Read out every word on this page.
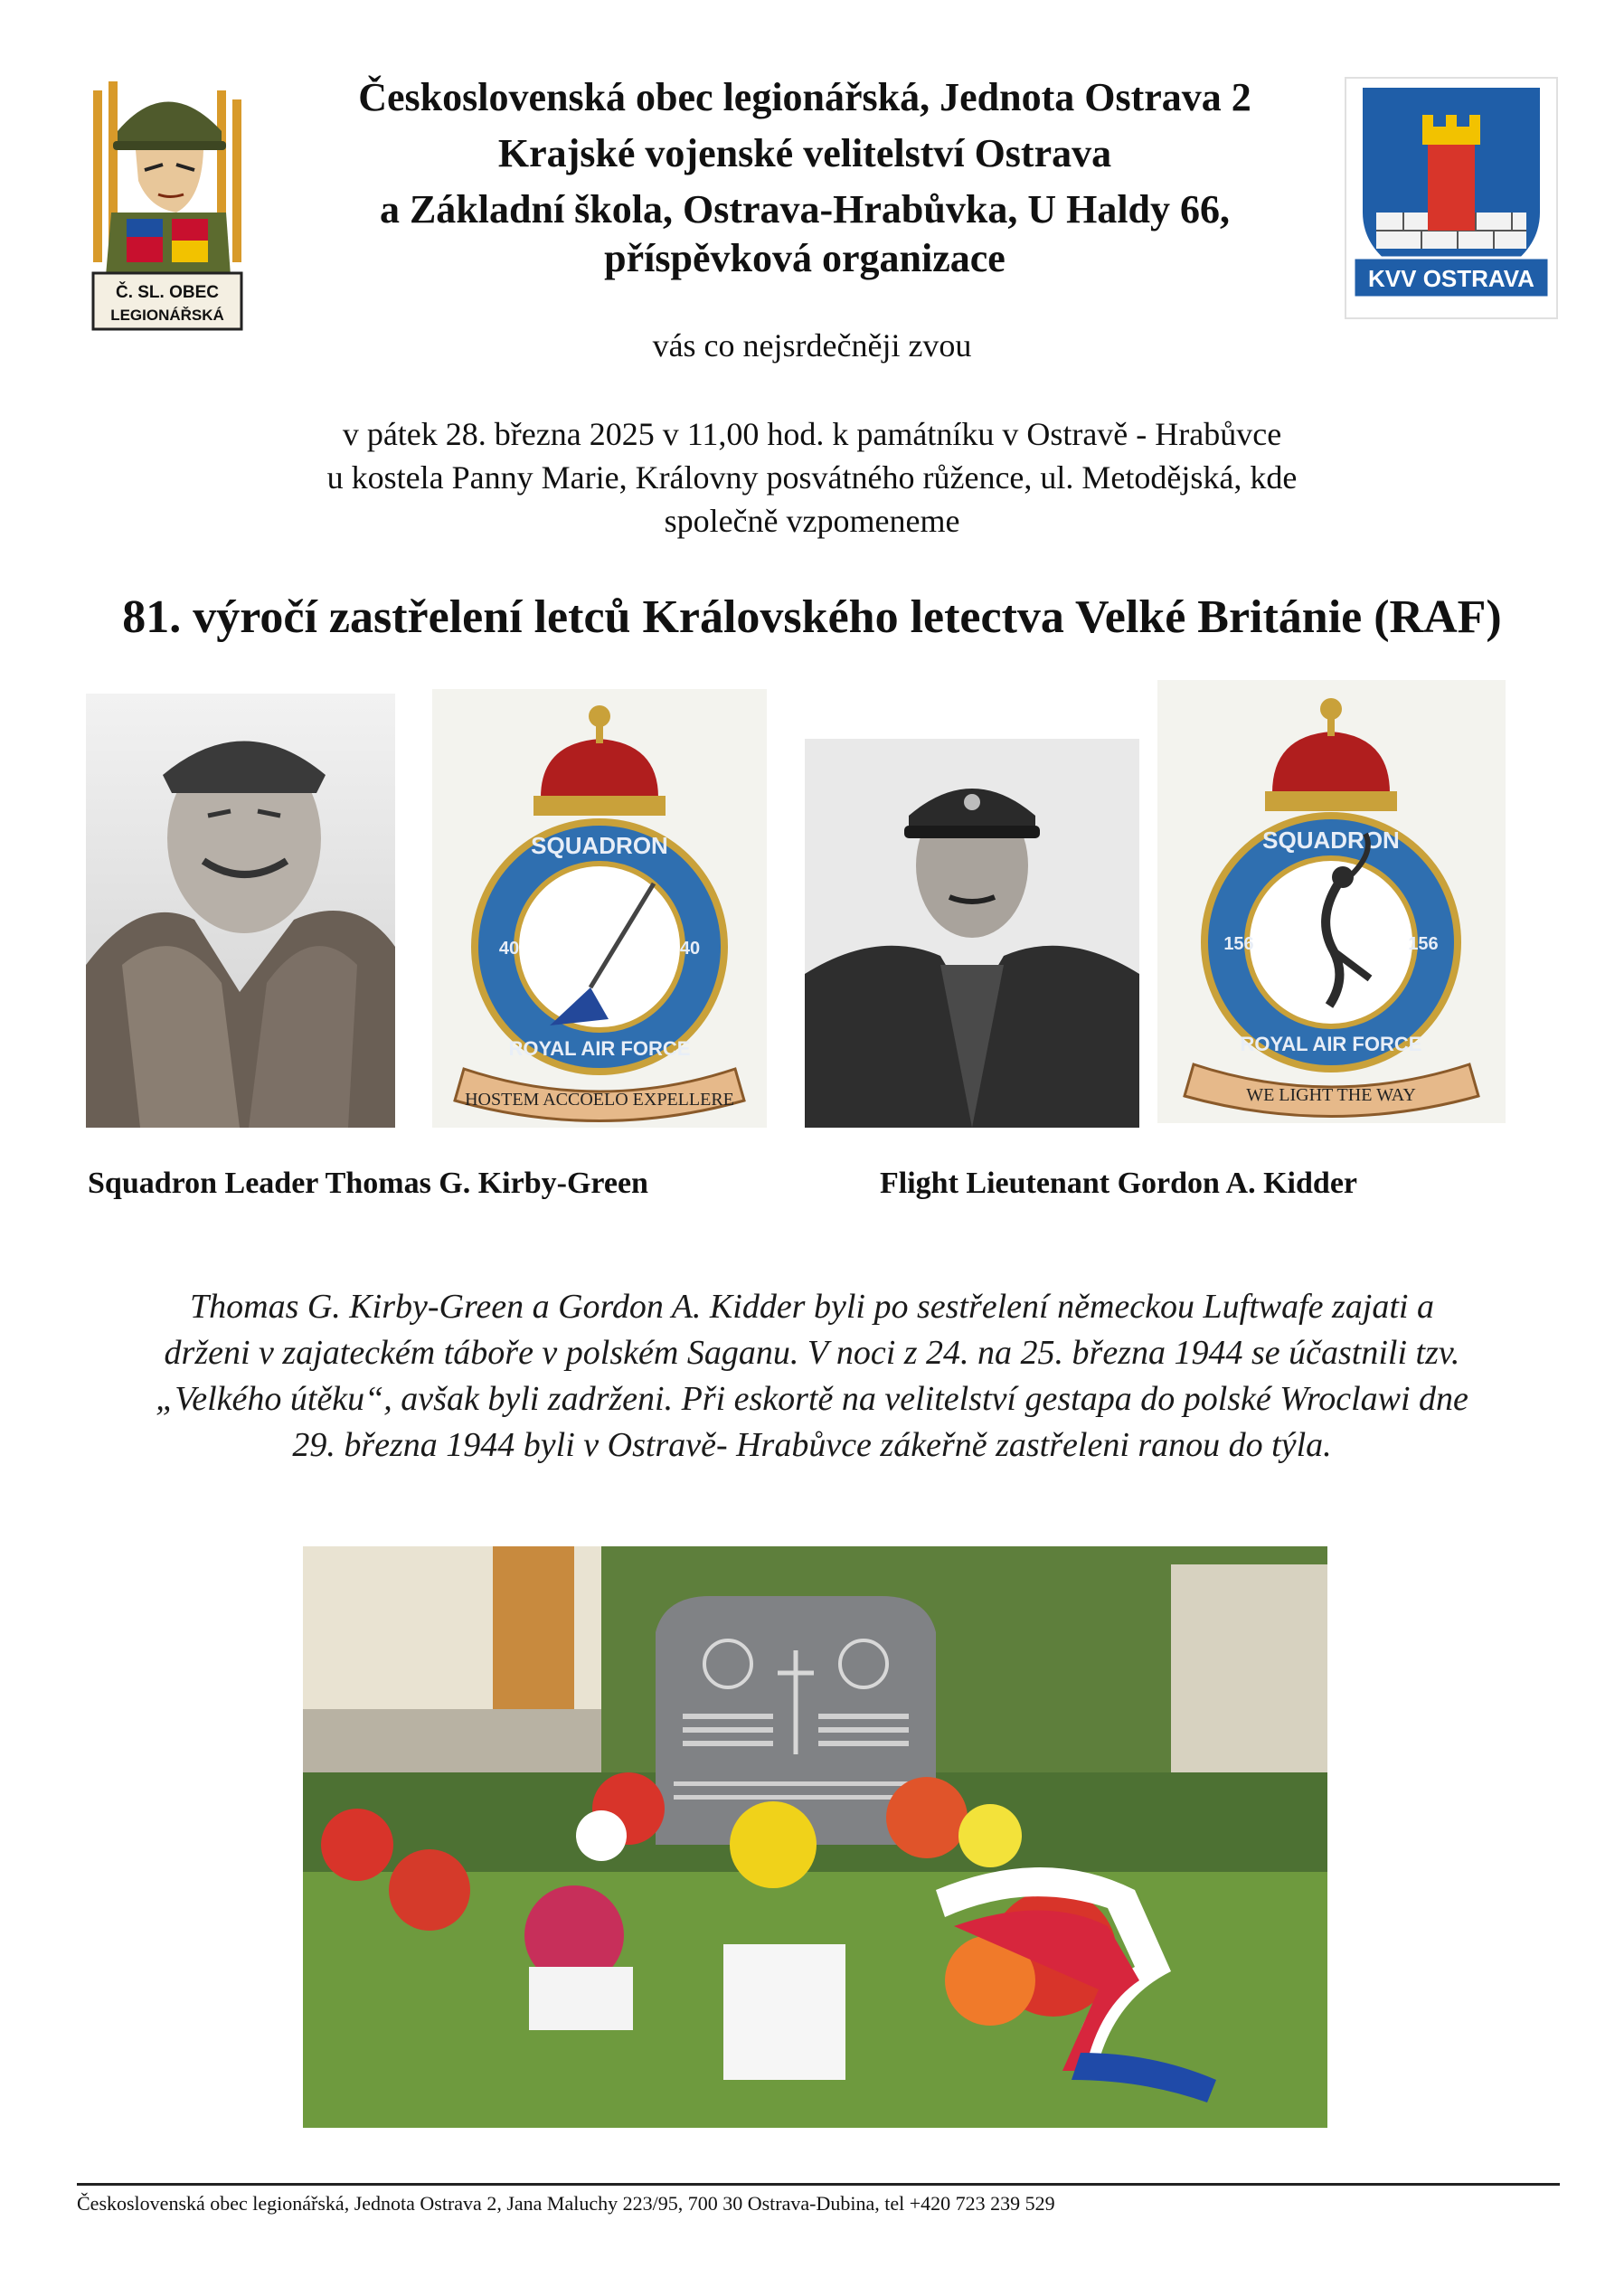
Č. SL. OBEC
LEGIONÁŘSKÁ
KVV OSTRAVA

Československá obec legionářská, Jednota Ostrava 2

Krajské vojenské velitelství Ostrava

a Základní škola, Ostrava-Hrabůvka, U Haldy 66,

příspěvková organizace

vás co nejsrdečněji zvou

v pátek 28. března 2025 v 11,00 hod. k památníku v Ostravě - Hrabůvce

u kostela Panny Marie, Královny posvátného růžence, ul. Metodějská, kde

společně vzpomeneme

81. výročí zastřelení letců Královského letectva Velké Británie (RAF)
SQUADRON
40	40
ROYAL AIR FORCE
HOSTEM ACCOELO EXPELLERE
SQUADRON
156	156
ROYAL AIR FORCE
WE LIGHT THE WAY

Squadron Leader Thomas G. Kirby-Green	Flight Lieutenant Gordon A. Kidder

Thomas G. Kirby-Green a Gordon A. Kidder byli po sestřelení německou Luftwafe zajati a
drženi v zajateckém táboře v polském Saganu. V noci z 24. na 25. března 1944 se účastnili tzv.
„Velkého útěku“, avšak byli zadrženi. Při eskortě na velitelství gestapa do polské Wroclawi dne
29. března 1944 byli v Ostravě- Hrabůvce zákeřně zastřeleni ranou do týla.

Československá obec legionářská, Jednota Ostrava 2, Jana Maluchy 223/95, 700 30 Ostrava-Dubina, tel +420 723 239 529
